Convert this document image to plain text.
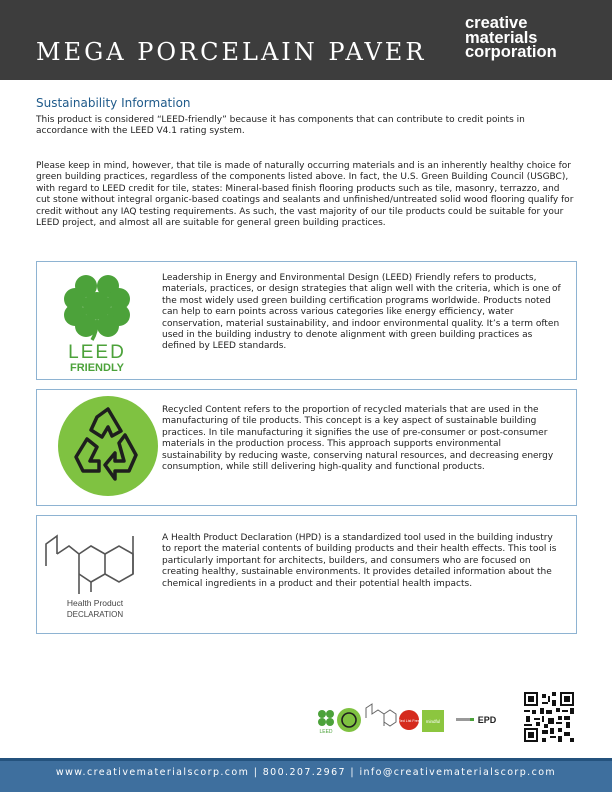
MEGA PORCELAIN PAVER
creative
materials
corporation
Sustainability Information
This product is considered “LEED-friendly” because it has components that can contribute to credit points in accordance with the LEED V4.1 rating system.
Please keep in mind, however, that tile is made of naturally occurring materials and is an inherently healthy choice for green building practices, regardless of the components listed above. In fact, the U.S. Green Building Council (USGBC), with regard to LEED credit for tile, states: Mineral-based finish flooring products such as tile, masonry, terrazzo, and cut stone without integral organic-based coatings and sealants and unfinished/untreated solid wood flooring qualify for credit without any IAQ testing requirements. As such, the vast majority of our tile products could be suitable for your LEED project, and almost all are suitable for general green building practices.
LEED
FRIENDLY
Leadership in Energy and Environmental Design (LEED) Friendly refers to products, materials, practices, or design strategies that align well with the criteria, which is one of the most widely used green building certification programs worldwide. Products noted can help to earn points across various categories like energy efficiency, water conservation, material sustainability, and indoor environmental quality. It’s a term often used in the building industry to denote alignment with green building practices as defined by LEED standards.
Recycled Content refers to the proportion of recycled materials that are used in the manufacturing of tile products. This concept is a key aspect of sustainable building practices. In tile manufacturing it signifies the use of pre-consumer or post-consumer materials in the production process. This approach supports environmental sustainability by reducing waste, conserving natural resources, and decreasing energy consumption, while still delivering high-quality and functional products.
Health Product
DECLARATION
A Health Product Declaration (HPD) is a standardized tool used in the building industry to report the material contents of building products and their health effects. This tool is particularly important for architects, builders, and consumers who are focused on creating healthy, sustainable environments. It provides detailed information about the chemical ingredients in a product and their potential health impacts.
LEED
Red List Free mindful	EPD
www.creativematerialscorp.com | 800.207.2967 | info@creativematerialscorp.com
